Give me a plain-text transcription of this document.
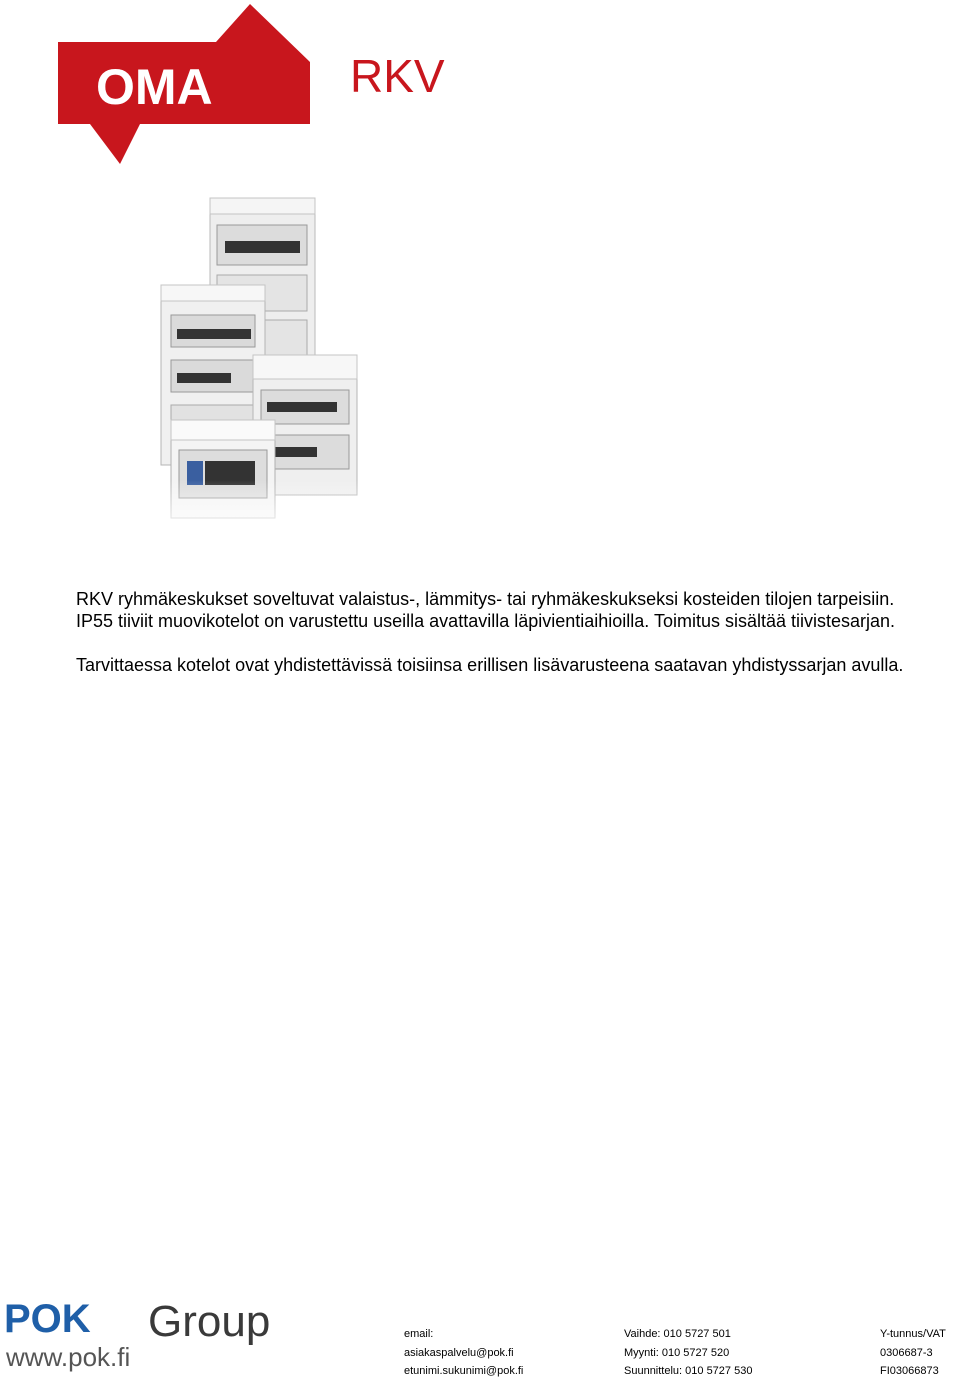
OMA	RKV

RKV ryhmäkeskukset soveltuvat valaistus-, lämmitys- tai ryhmäkeskukseksi kosteiden tilojen tarpeisiin.

IP55 tiiviit muovikotelot on varustettu useilla avattavilla läpivientiaihioilla. Toimitus sisältää tiivistesarjan.

Tarvittaessa kotelot ovat yhdistettävissä toisiinsa erillisen lisävarusteena saatavan yhdistyssarjan avulla.

POK Group
www.pok.fi
email:
asiakaspalvelu@pok.fi
etunimi.sukunimi@pok.fi
Vaihde: 010 5727 501
Myynti: 010 5727 520
Suunnittelu: 010 5727 530
Y-tunnus/VAT
0306687-3
FI03066873
